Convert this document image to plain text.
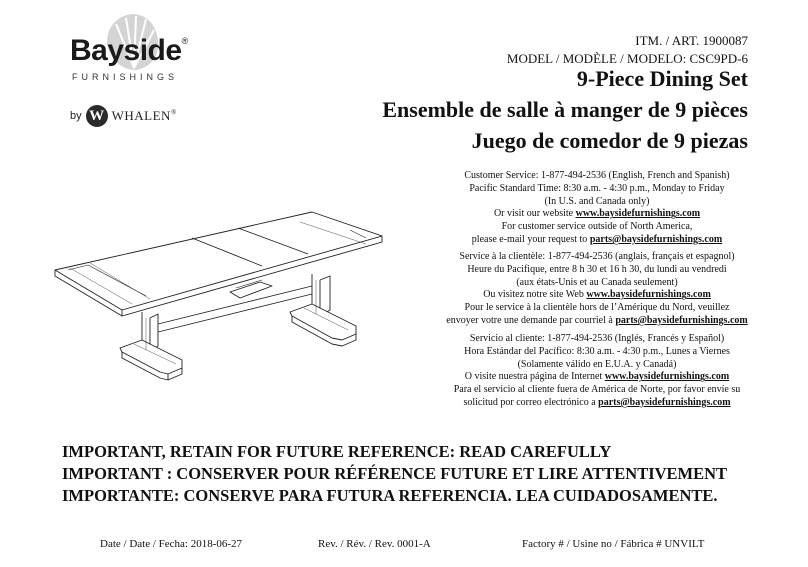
Bayside®
FURNISHINGS
by W WHALEN®
ITM. / ART. 1900087
MODEL / MODÈLE / MODELO: CSC9PD-6
9-Piece Dining Set
Ensemble de salle à manger de 9 pièces
Juego de comedor de 9 piezas
Customer Service: 1-877-494-2536 (English, French and Spanish)
Pacific Standard Time: 8:30 a.m. - 4:30 p.m., Monday to Friday
(In U.S. and Canada only)
Or visit our website www.baysidefurnishings.com
For customer service outside of North America,
please e-mail your request to parts@baysidefurnishings.com
Service à la clientèle: 1-877-494-2536 (anglais, français et espagnol)
Heure du Pacifique, entre 8 h 30 et 16 h 30, du lundi au vendredi
(aux états-Unis et au Canada seulement)
Ou visitez notre site Web www.baysidefurnishings.com
Pour le service à la clientèle hors de l’Amérique du Nord, veuillez
envoyer votre une demande par courriel à parts@baysidefurnishings.com
Servicio al cliente: 1-877-494-2536 (Inglés, Francés y Español)
Hora Estándar del Pacífico: 8:30 a.m. - 4:30 p.m., Lunes a Viernes
(Solamente válido en E.U.A. y Canadá)
O visite nuestra página de Internet www.baysidefurnishings.com
Para el servicio al cliente fuera de América de Norte, por favor envíe su
solicitud por correo electrónico a parts@baysidefurnishings.com
IMPORTANT, RETAIN FOR FUTURE REFERENCE: READ CAREFULLY
IMPORTANT : CONSERVER POUR RÉFÉRENCE FUTURE ET LIRE ATTENTIVEMENT
IMPORTANTE: CONSERVE PARA FUTURA REFERENCIA. LEA CUIDADOSAMENTE.
Date / Date / Fecha: 2018-06-27	Rev. / Rév. / Rev. 0001-A	Factory # / Usine no / Fábrica # UNVILT
